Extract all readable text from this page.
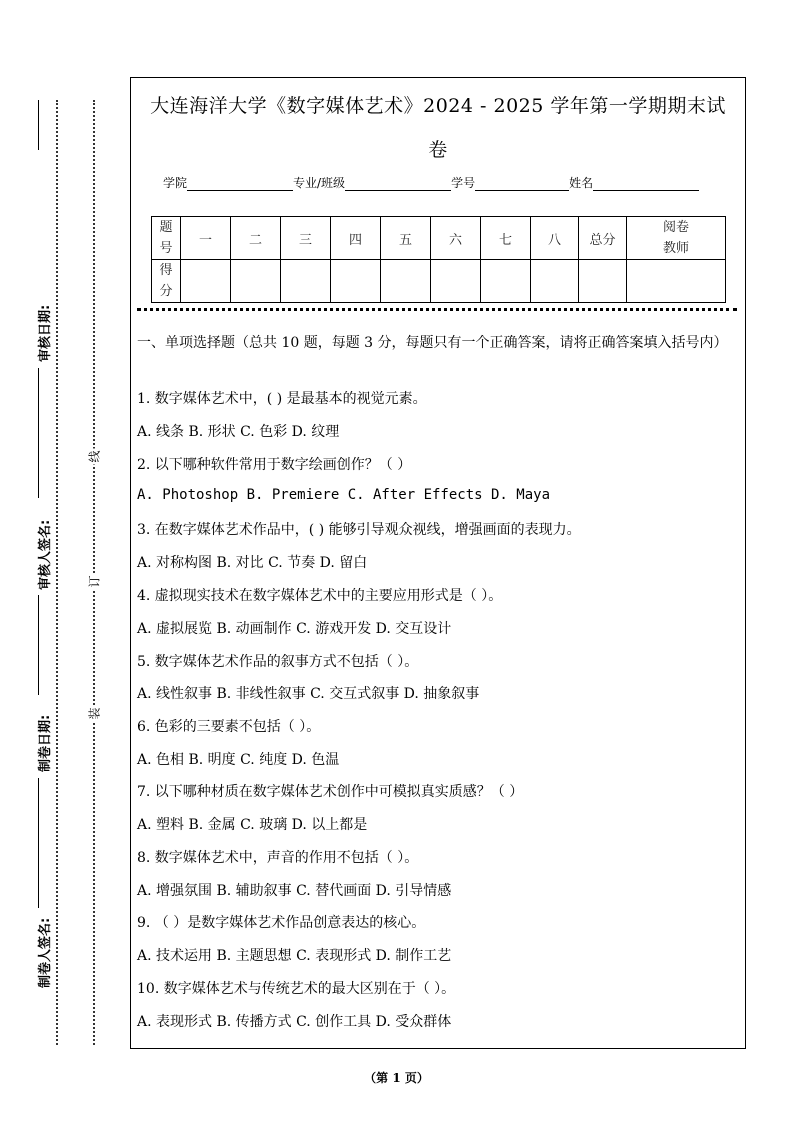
审核日期:
审核人签名:
制卷日期:
制卷人签名:
线
订
装
大连海洋大学《数字媒体艺术》2024 - 2025 学年第一学期期末试
卷
学院	专业/班级	学号	姓名
题
号	一	二	三	四	五	六	七	八	总分	阅卷
教师
得
分										
一、单项选择题（总共 10 题，每题 3 分，每题只有一个正确答案，请将正确答案填入括号内）
1. 数字媒体艺术中，( ) 是最基本的视觉元素。
A. 线条 B. 形状 C. 色彩 D. 纹理
2. 以下哪种软件常用于数字绘画创作？（ ）
A. Photoshop B. Premiere C. After Effects D. Maya
3. 在数字媒体艺术作品中，( ) 能够引导观众视线，增强画面的表现力。
A. 对称构图 B. 对比 C. 节奏 D. 留白
4. 虚拟现实技术在数字媒体艺术中的主要应用形式是（ ）。
A. 虚拟展览 B. 动画制作 C. 游戏开发 D. 交互设计
5. 数字媒体艺术作品的叙事方式不包括（ ）。
A. 线性叙事 B. 非线性叙事 C. 交互式叙事 D. 抽象叙事
6. 色彩的三要素不包括（ ）。
A. 色相 B. 明度 C. 纯度 D. 色温
7. 以下哪种材质在数字媒体艺术创作中可模拟真实质感？（ ）
A. 塑料 B. 金属 C. 玻璃 D. 以上都是
8. 数字媒体艺术中，声音的作用不包括（ ）。
A. 增强氛围 B. 辅助叙事 C. 替代画面 D. 引导情感
9. （ ）是数字媒体艺术作品创意表达的核心。
A. 技术运用 B. 主题思想 C. 表现形式 D. 制作工艺
10. 数字媒体艺术与传统艺术的最大区别在于（ ）。
A. 表现形式 B. 传播方式 C. 创作工具 D. 受众群体
（第 1 页）
